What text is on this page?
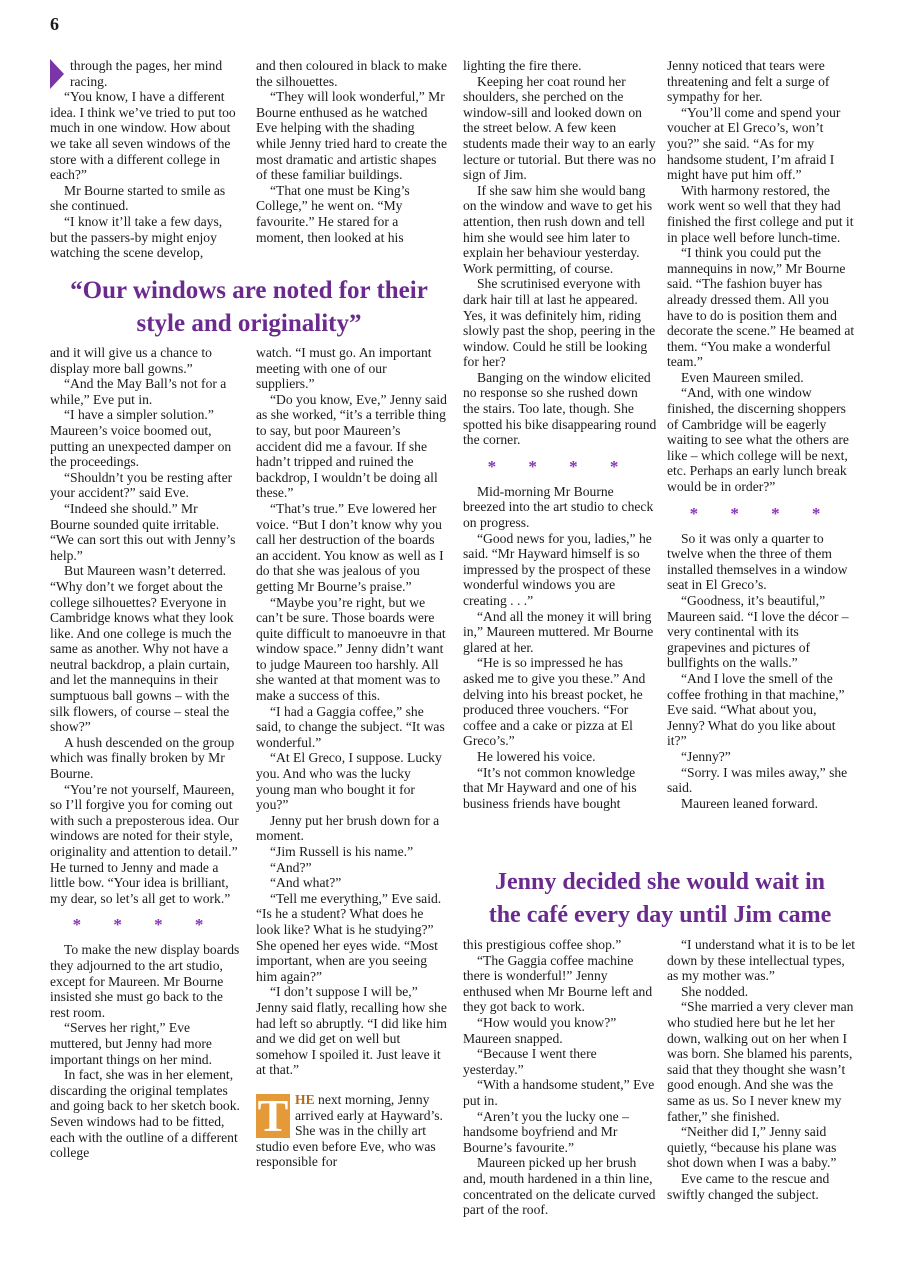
6

through the pages, her mind racing.

“You know, I have a different idea. I think we’ve tried to put too much in one window. How about we take all seven windows of the store with a different college in each?”

Mr Bourne started to smile as she continued.

“I know it’ll take a few days, but the passers-by might enjoy watching the scene develop,

and then coloured in black to make the silhouettes.

“They will look wonderful,” Mr Bourne enthused as he watched Eve helping with the shading while Jenny tried hard to create the most dramatic and artistic shapes of these familiar buildings.

“That one must be King’s College,” he went on. “My favourite.” He stared for a moment, then looked at his

“Our windows are noted for their
style and originality”

and it will give us a chance to display more ball gowns.”

“And the May Ball’s not for a while,” Eve put in.

“I have a simpler solution.” Maureen’s voice boomed out, putting an unexpected damper on the proceedings.

“Shouldn’t you be resting after your accident?” said Eve.

“Indeed she should.” Mr Bourne sounded quite irritable. “We can sort this out with Jenny’s help.”

But Maureen wasn’t deterred. “Why don’t we forget about the college silhouettes? Everyone in Cambridge knows what they look like. And one college is much the same as another. Why not have a neutral backdrop, a plain curtain, and let the mannequins in their sumptuous ball gowns – with the silk flowers, of course – steal the show?”

A hush descended on the group which was finally broken by Mr Bourne.

“You’re not yourself, Maureen, so I’ll forgive you for coming out with such a preposterous idea. Our windows are noted for their style, originality and attention to detail.” He turned to Jenny and made a little bow. “Your idea is brilliant, my dear, so let’s all get to work.”

* * * *

To make the new display boards they adjourned to the art studio, except for Maureen. Mr Bourne insisted she must go back to the rest room.

“Serves her right,” Eve muttered, but Jenny had more important things on her mind.

In fact, she was in her element, discarding the original templates and going back to her sketch book. Seven windows had to be fitted, each with the outline of a different college

watch. “I must go. An important meeting with one of our suppliers.”

“Do you know, Eve,” Jenny said as she worked, “it’s a terrible thing to say, but poor Maureen’s accident did me a favour. If she hadn’t tripped and ruined the backdrop, I wouldn’t be doing all these.”

“That’s true.” Eve lowered her voice. “But I don’t know why you call her destruction of the boards an accident. You know as well as I do that she was jealous of you getting Mr Bourne’s praise.”

“Maybe you’re right, but we can’t be sure. Those boards were quite difficult to manoeuvre in that window space.” Jenny didn’t want to judge Maureen too harshly. All she wanted at that moment was to make a success of this.

“I had a Gaggia coffee,” she said, to change the subject. “It was wonderful.”

“At El Greco, I suppose. Lucky you. And who was the lucky young man who bought it for you?”

Jenny put her brush down for a moment.

“Jim Russell is his name.”

“And?”

“And what?”

“Tell me everything,” Eve said. “Is he a student? What does he look like? What is he studying?” She opened her eyes wide. “Most important, when are you seeing him again?”

“I don’t suppose I will be,” Jenny said flatly, recalling how she had left so abruptly. “I did like him and we did get on well but somehow I spoiled it. Just leave it at that.”

T HE next morning, Jenny arrived early at Hayward’s. She was in the chilly art studio even before Eve, who was responsible for

lighting the fire there.

Keeping her coat round her shoulders, she perched on the window-sill and looked down on the street below. A few keen students made their way to an early lecture or tutorial. But there was no sign of Jim.

If she saw him she would bang on the window and wave to get his attention, then rush down and tell him she would see him later to explain her behaviour yesterday. Work permitting, of course.

She scrutinised everyone with dark hair till at last he appeared. Yes, it was definitely him, riding slowly past the shop, peering in the window. Could he still be looking for her?

Banging on the window elicited no response so she rushed down the stairs. Too late, though. She spotted his bike disappearing round the corner.

* * * *

Mid-morning Mr Bourne breezed into the art studio to check on progress.

“Good news for you, ladies,” he said. “Mr Hayward himself is so impressed by the prospect of these wonderful windows you are creating . . .”

“And all the money it will bring in,” Maureen muttered. Mr Bourne glared at her.

“He is so impressed he has asked me to give you these.” And delving into his breast pocket, he produced three vouchers. “For coffee and a cake or pizza at El Greco’s.”

He lowered his voice.

“It’s not common knowledge that Mr Hayward and one of his business friends have bought

Jenny noticed that tears were threatening and felt a surge of sympathy for her.

“You’ll come and spend your voucher at El Greco’s, won’t you?” she said. “As for my handsome student, I’m afraid I might have put him off.”

With harmony restored, the work went so well that they had finished the first college and put it in place well before lunch-time.

“I think you could put the mannequins in now,” Mr Bourne said. “The fashion buyer has already dressed them. All you have to do is position them and decorate the scene.” He beamed at them. “You make a wonderful team.”

Even Maureen smiled.

“And, with one window finished, the discerning shoppers of Cambridge will be eagerly waiting to see what the others are like – which college will be next, etc. Perhaps an early lunch break would be in order?”

* * * *

So it was only a quarter to twelve when the three of them installed themselves in a window seat in El Greco’s.

“Goodness, it’s beautiful,” Maureen said. “I love the décor – very continental with its grapevines and pictures of bullfights on the walls.”

“And I love the smell of the coffee frothing in that machine,” Eve said. “What about you, Jenny? What do you like about it?”

“Jenny?”

“Sorry. I was miles away,” she said.

Maureen leaned forward.

Jenny decided she would wait in
the café every day until Jim came

this prestigious coffee shop.”

“The Gaggia coffee machine there is wonderful!” Jenny enthused when Mr Bourne left and they got back to work.

“How would you know?” Maureen snapped.

“Because I went there yesterday.”

“With a handsome student,” Eve put in.

“Aren’t you the lucky one – handsome boyfriend and Mr Bourne’s favourite.”

Maureen picked up her brush and, mouth hardened in a thin line, concentrated on the delicate curved part of the roof.

“I understand what it is to be let down by these intellectual types, as my mother was.”

She nodded.

“She married a very clever man who studied here but he let her down, walking out on her when I was born. She blamed his parents, said that they thought she wasn’t good enough. And she was the same as us. So I never knew my father,” she finished.

“Neither did I,” Jenny said quietly, “because his plane was shot down when I was a baby.”

Eve came to the rescue and swiftly changed the subject.
